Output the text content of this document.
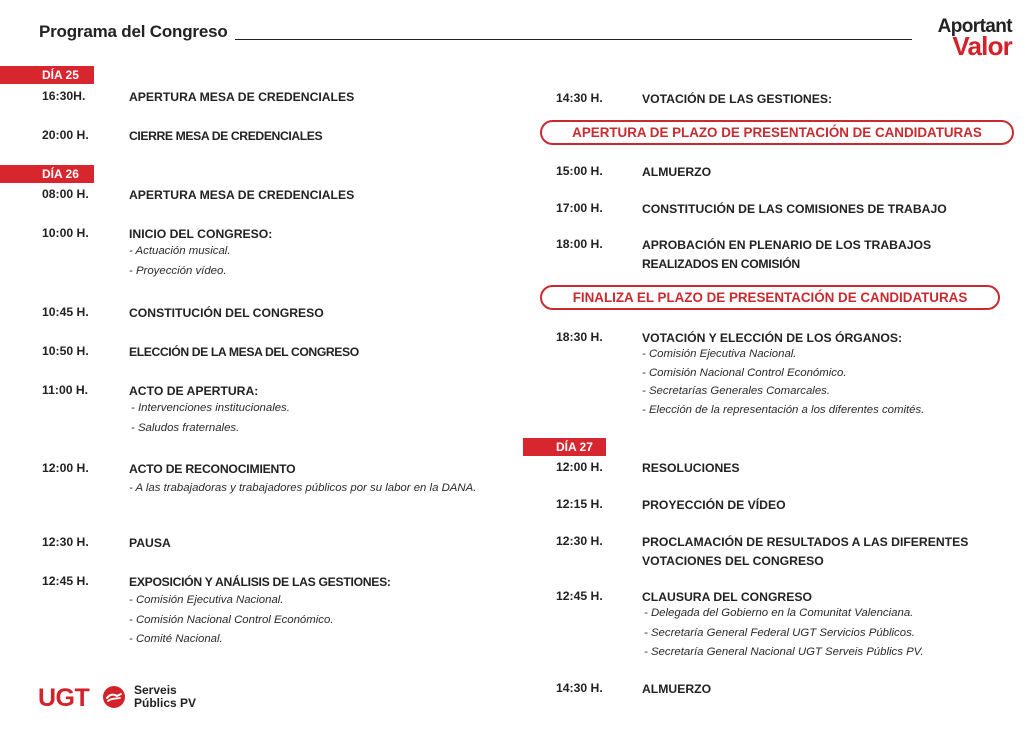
Programa del Congreso	Aportant
Valor
DÍA 25
16:30H.	APERTURA MESA DE CREDENCIALES
20:00 H.	CIERRE MESA DE CREDENCIALES
DÍA 26
08:00 H.	APERTURA MESA DE CREDENCIALES
10:00 H.	INICIO DEL CONGRESO:
- Actuación musical.
- Proyección vídeo.
10:45 H.	CONSTITUCIÓN DEL CONGRESO
10:50 H.	ELECCIÓN DE LA MESA DEL CONGRESO
11:00 H.	ACTO DE APERTURA:
- Intervenciones institucionales.
- Saludos fraternales.
12:00 H.	ACTO DE RECONOCIMIENTO
- A las trabajadoras y trabajadores públicos por su labor en la DANA.
12:30 H.	PAUSA
12:45 H.	EXPOSICIÓN Y ANÁLISIS DE LAS GESTIONES:
- Comisión Ejecutiva Nacional.
- Comisión Nacional Control Económico.
- Comité Nacional.
14:30 H.	VOTACIÓN DE LAS GESTIONES:
APERTURA DE PLAZO DE PRESENTACIÓN DE CANDIDATURAS
15:00 H.	ALMUERZO
17:00 H.	CONSTITUCIÓN DE LAS COMISIONES DE TRABAJO
18:00 H.	APROBACIÓN EN PLENARIO DE LOS TRABAJOS
REALIZADOS EN COMISIÓN
FINALIZA EL PLAZO DE PRESENTACIÓN DE CANDIDATURAS
18:30 H.	VOTACIÓN Y ELECCIÓN DE LOS ÓRGANOS:
- Comisión Ejecutiva Nacional.
- Comisión Nacional Control Económico.
- Secretarías Generales Comarcales.
- Elección de la representación a los diferentes comités.
DÍA 27
12:00 H.	RESOLUCIONES
12:15 H.	PROYECCIÓN DE VÍDEO
12:30 H.	PROCLAMACIÓN DE RESULTADOS A LAS DIFERENTES
VOTACIONES DEL CONGRESO
12:45 H.	CLAUSURA DEL CONGRESO
- Delegada del Gobierno en la Comunitat Valenciana.
- Secretaría General Federal UGT Servicios Públicos.
- Secretaría General Nacional UGT Serveis Públics PV.
14:30 H.	ALMUERZO
UGT	Serveis
Públics PV
